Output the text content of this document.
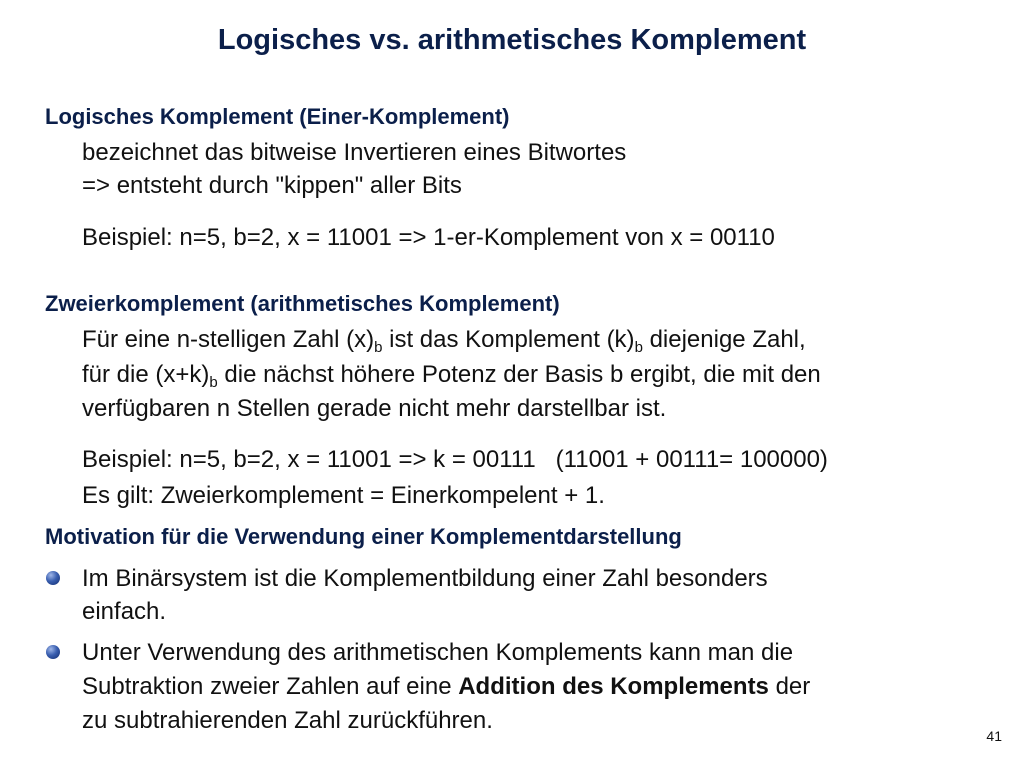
Logisches vs. arithmetisches Komplement
Logisches Komplement (Einer-Komplement)
bezeichnet das bitweise Invertieren eines Bitwortes
=> entsteht durch "kippen" aller Bits
Beispiel: n=5, b=2, x = 11001 => 1-er-Komplement von x = 00110
Zweierkomplement (arithmetisches Komplement)
Für eine n-stelligen Zahl $(x)_b$ ist das Komplement $(k)_b$ diejenige Zahl,
für die $(x+k)_b$ die nächst höhere Potenz der Basis b ergibt, die mit den
verfügbaren n Stellen gerade nicht mehr darstellbar ist.
Beispiel: n=5, b=2, x = 11001 => k = 00111   (11001 + 00111= 100000)
Es gilt: Zweierkomplement = Einerkompelent + 1.
Motivation für die Verwendung einer Komplementdarstellung
Im Binärsystem ist die Komplementbildung einer Zahl besonders
einfach.
Unter Verwendung des arithmetischen Komplements kann man die
Subtraktion zweier Zahlen auf eine Addition des Komplements der
zu subtrahierenden Zahl zurückführen.
41
